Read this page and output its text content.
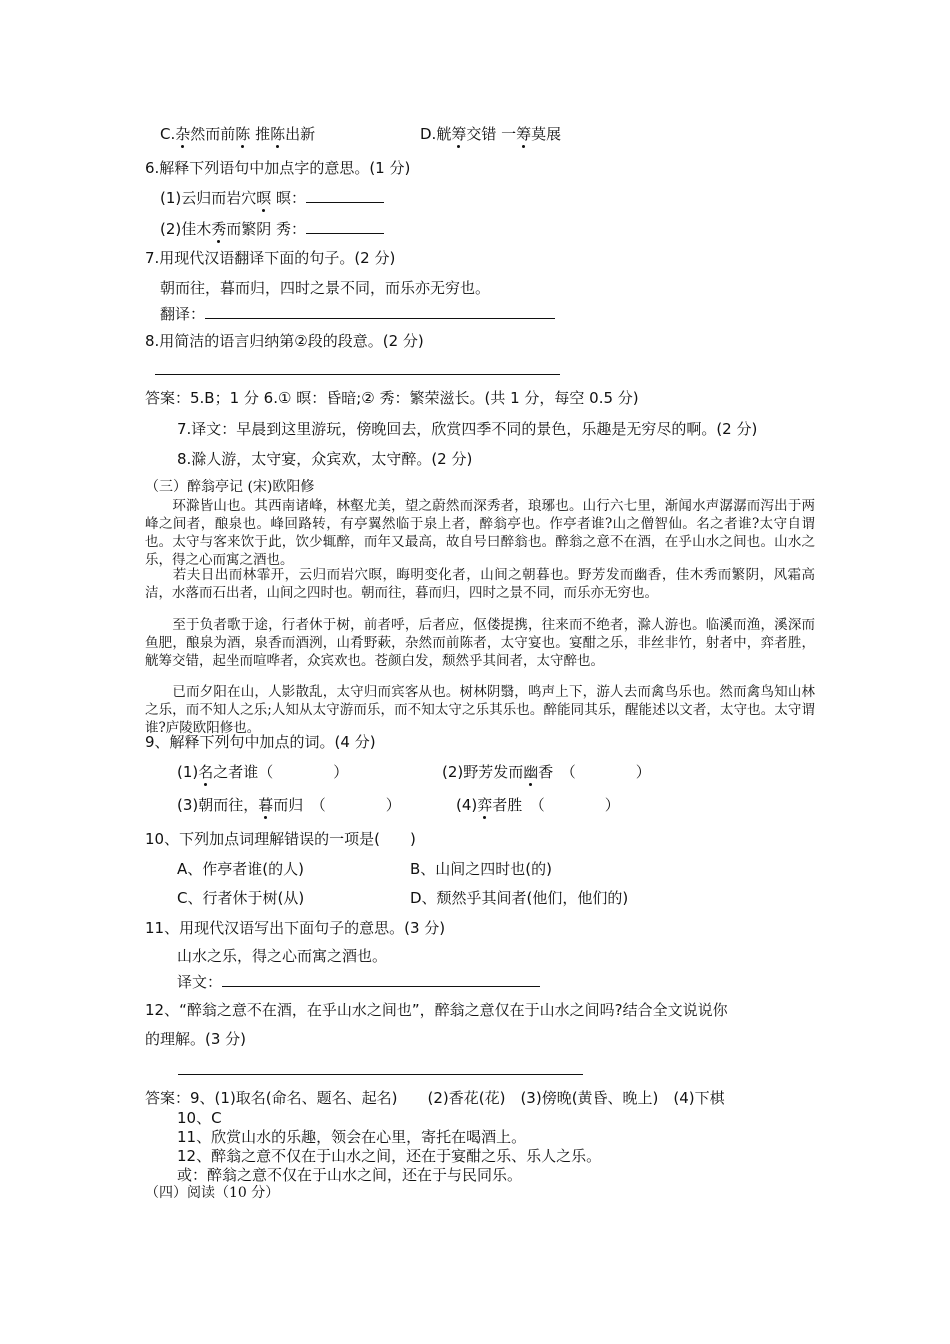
C.杂然而前陈 推陈出新	D.觥筹交错 一筹莫展
6.解释下列语句中加点字的意思。(1 分)
(1)云归而岩穴暝 暝：
(2)佳木秀而繁阴 秀：
7.用现代汉语翻译下面的句子。(2 分)
朝而往，暮而归，四时之景不同，而乐亦无穷也。
翻译：
8.用简洁的语言归纳第②段的段意。(2 分)
答案：5.B；1 分 6.① 暝：昏暗;② 秀：繁荣滋长。(共 1 分，每空 0.5 分)
7.译文：早晨到这里游玩，傍晚回去，欣赏四季不同的景色，乐趣是无穷尽的啊。(2 分)
8.滁人游，太守宴，众宾欢，太守醉。(2 分)
（三）醉翁亭记 (宋)欧阳修
　　环滁皆山也。其西南诸峰，林壑尤美，望之蔚然而深秀者，琅琊也。山行六七里，渐闻水声潺潺而泻出于两峰之间者，酿泉也。峰回路转，有亭翼然临于泉上者，醉翁亭也。作亭者谁?山之僧智仙。名之者谁?太守自谓也。太守与客来饮于此，饮少辄醉，而年又最高，故自号曰醉翁也。醉翁之意不在酒，在乎山水之间也。山水之乐，得之心而寓之酒也。
　　若夫日出而林霏开，云归而岩穴暝，晦明变化者，山间之朝暮也。野芳发而幽香，佳木秀而繁阴，风霜高洁，水落而石出者，山间之四时也。朝而往，暮而归，四时之景不同，而乐亦无穷也。
　　至于负者歌于途，行者休于树，前者呼，后者应，伛偻提携，往来而不绝者，滁人游也。临溪而渔，溪深而鱼肥，酿泉为酒，泉香而酒洌，山肴野蔌，杂然而前陈者，太守宴也。宴酣之乐，非丝非竹，射者中，弈者胜，觥筹交错，起坐而喧哗者，众宾欢也。苍颜白发，颓然乎其间者，太守醉也。
　　已而夕阳在山，人影散乱，太守归而宾客从也。树林阴翳，鸣声上下，游人去而禽鸟乐也。然而禽鸟知山林之乐，而不知人之乐;人知从太守游而乐，而不知太守之乐其乐也。醉能同其乐，醒能述以文者，太守也。太守谓谁?庐陵欧阳修也。
9、解释下列句中加点的词。(4 分)
(1)名之者谁（　　　　）	(2)野芳发而幽香　（　　　　）
(3)朝而往，暮而归　（　　　　）	(4)弈者胜　（　　　　）
10、下列加点词理解错误的一项是(　　)
A、作亭者谁(的人)	B、山间之四时也(的)
C、行者休于树(从)	D、颓然乎其间者(他们，他们的)
11、用现代汉语写出下面句子的意思。(3 分)
山水之乐，得之心而寓之酒也。
译文：
12、“醉翁之意不在酒，在乎山水之间也”，醉翁之意仅在于山水之间吗?结合全文说说你
的理解。(3 分)
答案：9、(1)取名(命名、题名、起名)　　(2)香花(花)　(3)傍晚(黄昏、晚上)　(4)下棋
10、C
11、欣赏山水的乐趣，领会在心里，寄托在喝酒上。
12、醉翁之意不仅在于山水之间，还在于宴酣之乐、乐人之乐。
或：醉翁之意不仅在于山水之间，还在于与民同乐。
（四）阅读（10 分）
